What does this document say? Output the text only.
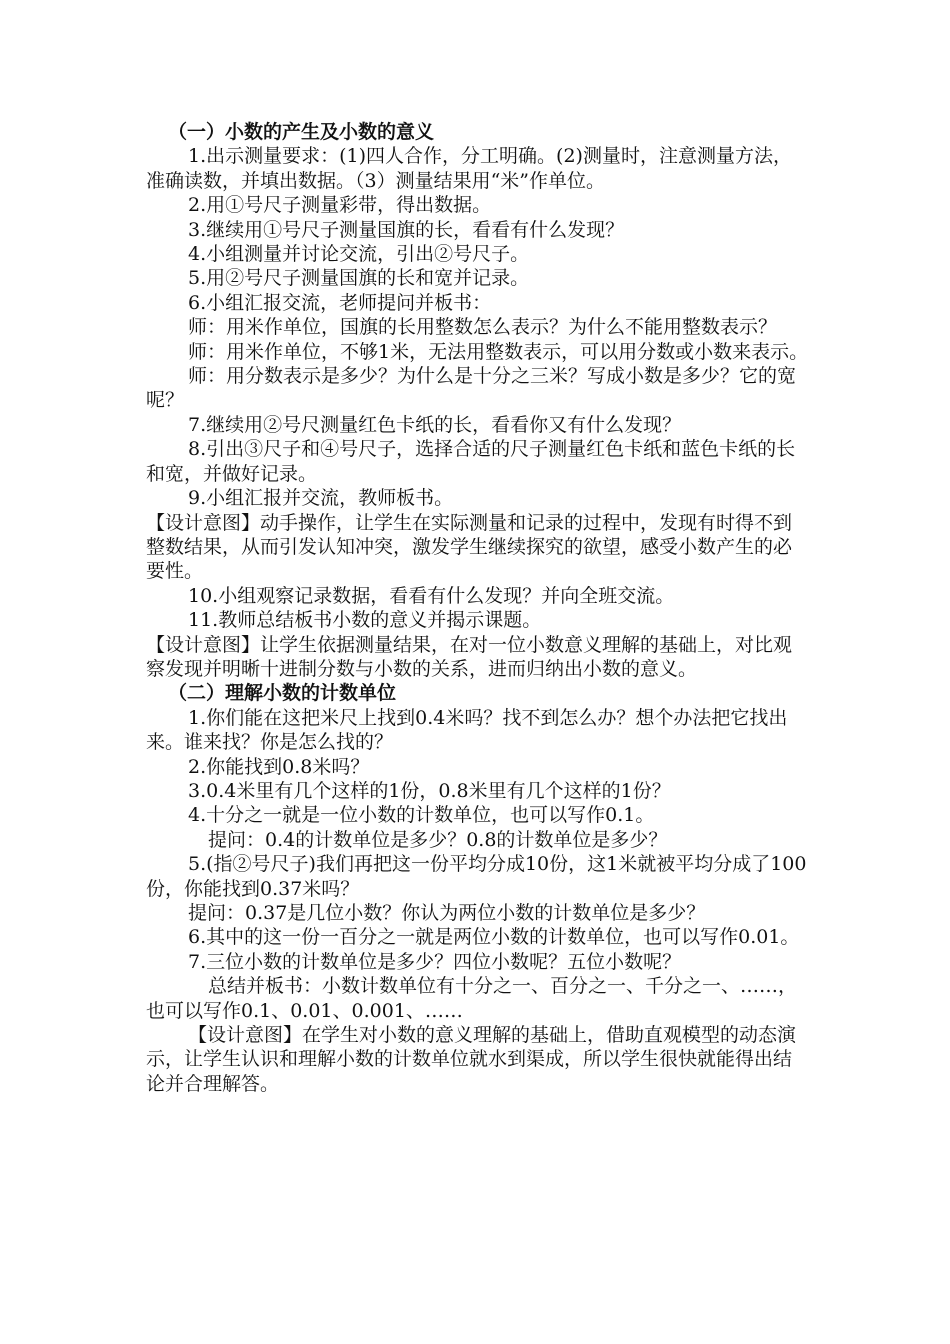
（一）小数的产生及小数的意义

1.出示测量要求：(1)四人合作，分工明确。(2)测量时，注意测量方法，准确读数，并填出数据。（3）测量结果用“米”作单位。

2.用①号尺子测量彩带，得出数据。

3.继续用①号尺子测量国旗的长，看看有什么发现？

4.小组测量并讨论交流，引出②号尺子。

5.用②号尺子测量国旗的长和宽并记录。

6.小组汇报交流，老师提问并板书：

师：用米作单位，国旗的长用整数怎么表示？为什么不能用整数表示？

师：用米作单位，不够1米，无法用整数表示，可以用分数或小数来表示。

师：用分数表示是多少？为什么是十分之三米？写成小数是多少？它的宽呢？

7.继续用②号尺测量红色卡纸的长，看看你又有什么发现？

8.引出③尺子和④号尺子，选择合适的尺子测量红色卡纸和蓝色卡纸的长和宽，并做好记录。

9.小组汇报并交流，教师板书。

【设计意图】动手操作，让学生在实际测量和记录的过程中，发现有时得不到整数结果，从而引发认知冲突，激发学生继续探究的欲望，感受小数产生的必要性。

10.小组观察记录数据，看看有什么发现？并向全班交流。

11.教师总结板书小数的意义并揭示课题。

【设计意图】让学生依据测量结果，在对一位小数意义理解的基础上，对比观察发现并明晰十进制分数与小数的关系，进而归纳出小数的意义。

（二）理解小数的计数单位

1.你们能在这把米尺上找到0.4米吗？找不到怎么办？想个办法把它找出来。谁来找？你是怎么找的？

2.你能找到0.8米吗？

3.0.4米里有几个这样的1份，0.8米里有几个这样的1份？

4.十分之一就是一位小数的计数单位，也可以写作0.1。

提问：0.4的计数单位是多少？0.8的计数单位是多少？

5.(指②号尺子)我们再把这一份平均分成10份，这1米就被平均分成了100份，你能找到0.37米吗？

提问：0.37是几位小数？你认为两位小数的计数单位是多少？

6.其中的这一份一百分之一就是两位小数的计数单位，也可以写作0.01。

7.三位小数的计数单位是多少？四位小数呢？五位小数呢？

总结并板书：小数计数单位有十分之一、百分之一、千分之一、……，也可以写作0.1、0.01、0.001、……

【设计意图】在学生对小数的意义理解的基础上，借助直观模型的动态演示，让学生认识和理解小数的计数单位就水到渠成，所以学生很快就能得出结论并合理解答。
